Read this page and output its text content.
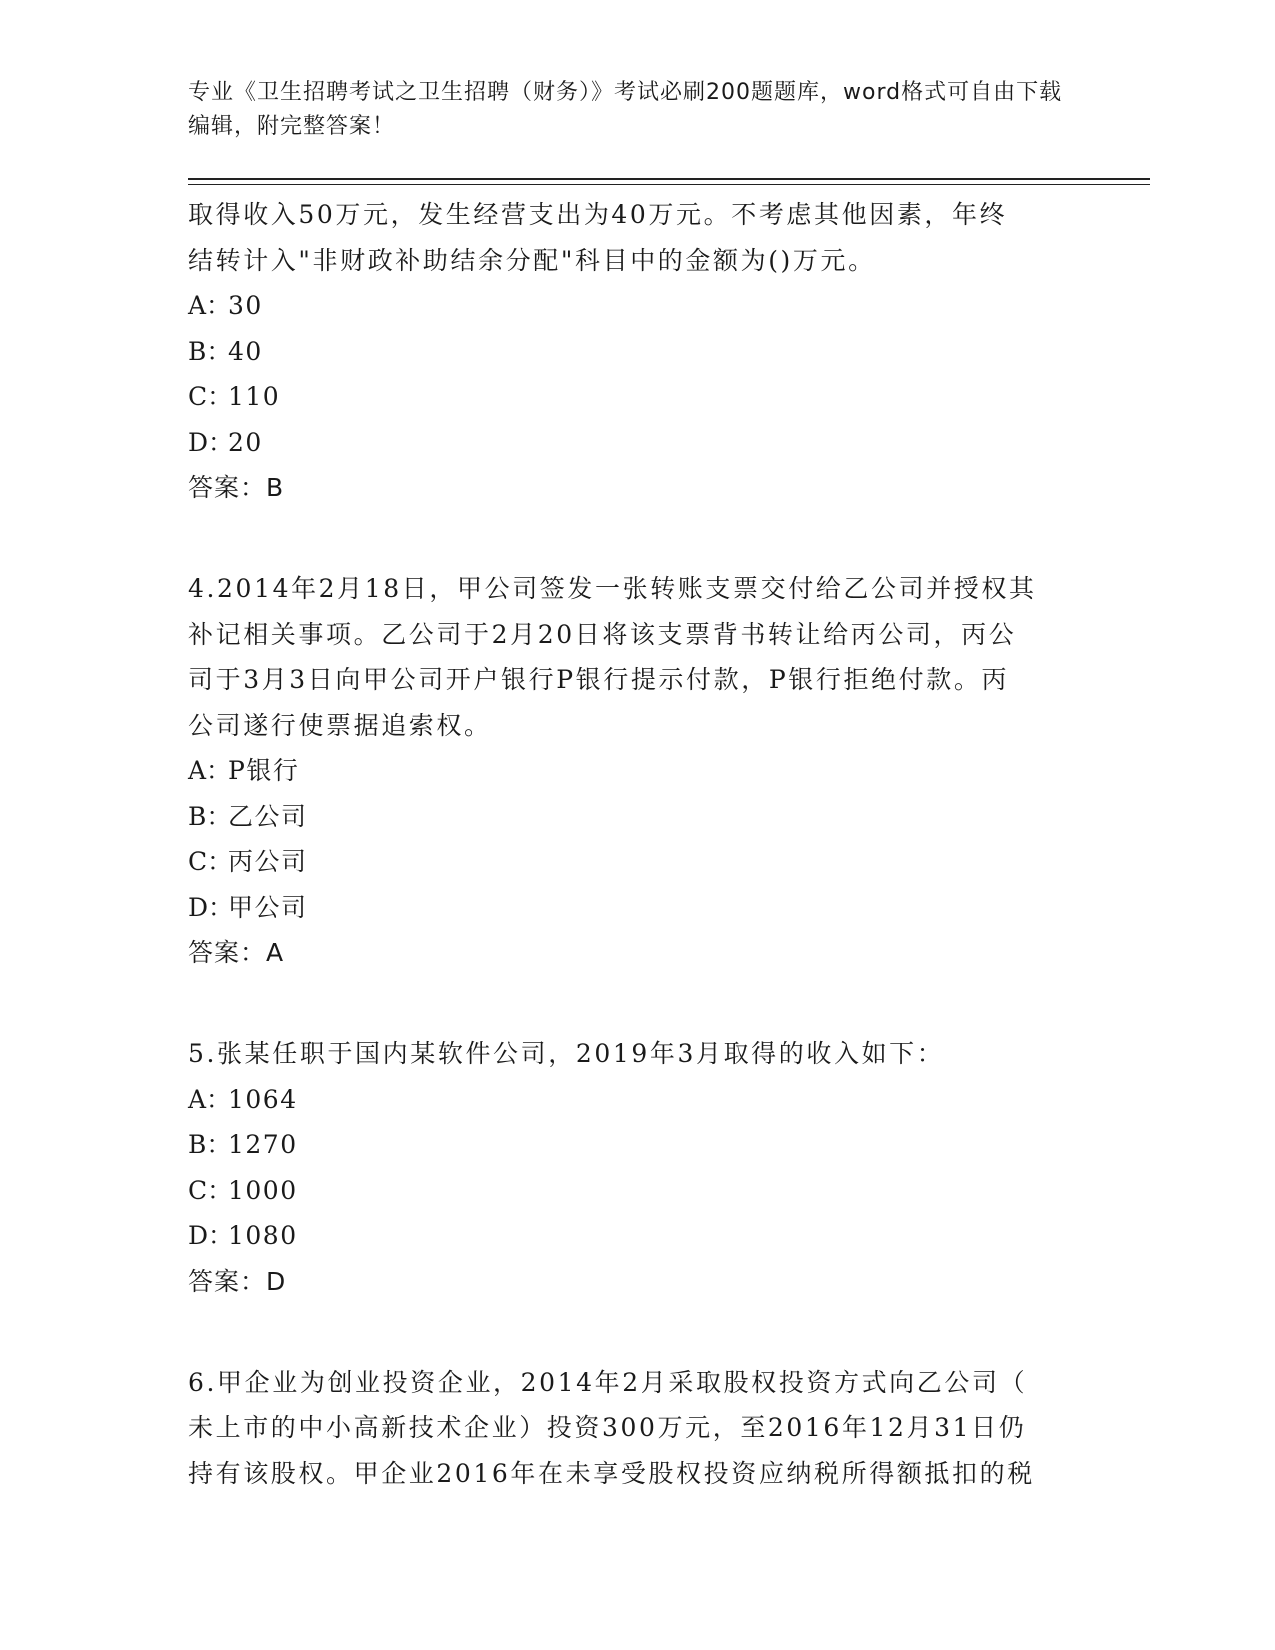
专业《卫生招聘考试之卫生招聘（财务）》考试必刷200题题库，word格式可自由下载编辑，附完整答案！

取得收入50万元，发生经营支出为40万元。不考虑其他因素，年终

结转计入"非财政补助结余分配"科目中的金额为()万元。

A：30

B：40

C：110

D：20

答案：B

4.2014年2月18日，甲公司签发一张转账支票交付给乙公司并授权其

补记相关事项。乙公司于2月20日将该支票背书转让给丙公司，丙公

司于3月3日向甲公司开户银行P银行提示付款，P银行拒绝付款。丙

公司遂行使票据追索权。

A：P银行

B：乙公司

C：丙公司

D：甲公司

答案：A

5.张某任职于国内某软件公司，2019年3月取得的收入如下：

A：1064

B：1270

C：1000

D：1080

答案：D

6.甲企业为创业投资企业，2014年2月采取股权投资方式向乙公司（

未上市的中小高新技术企业）投资300万元，至2016年12月31日仍

持有该股权。甲企业2016年在未享受股权投资应纳税所得额抵扣的税
